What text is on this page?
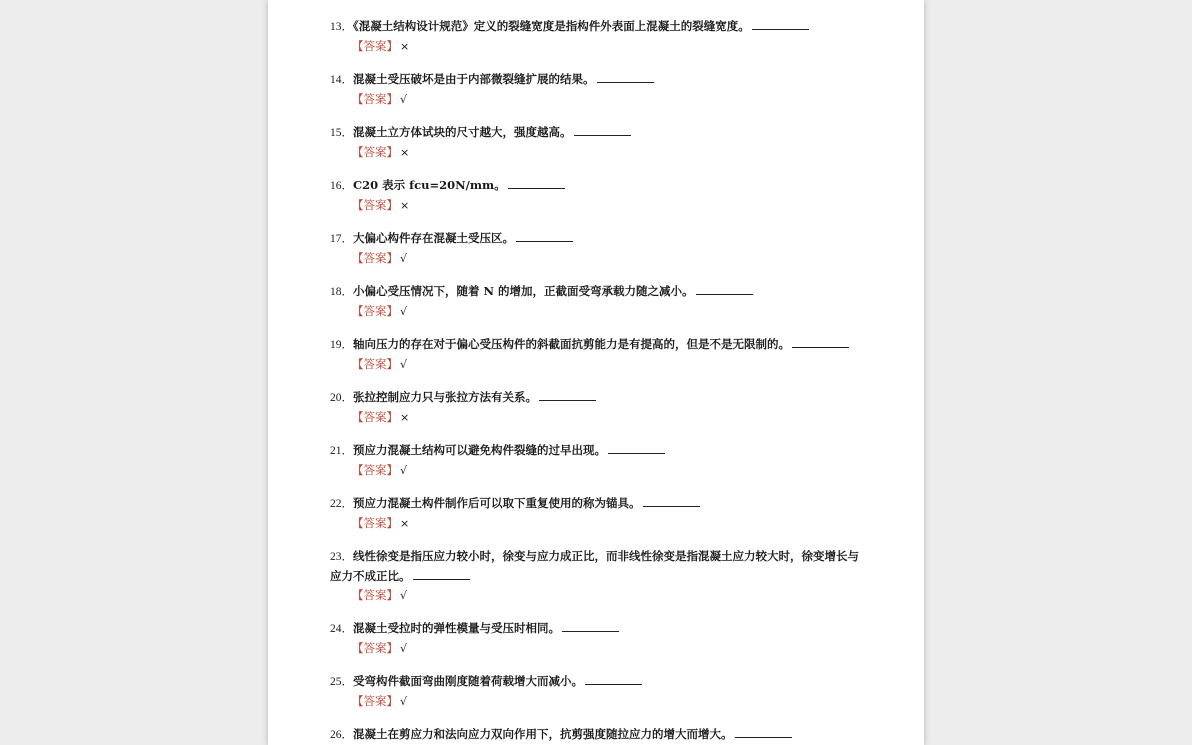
13．《混凝土结构设计规范》定义的裂缝宽度是指构件外表面上混凝土的裂缝宽度。
【答案】 ×
14．混凝土受压破坏是由于内部微裂缝扩展的结果。
【答案】 √
15．混凝土立方体试块的尺寸越大，强度越高。
【答案】 ×
16．C20 表示 fcu=20N/mm。
【答案】 ×
17．大偏心构件存在混凝土受压区。
【答案】 √
18．小偏心受压情况下，随着 N 的增加，正截面受弯承载力随之减小。
【答案】 √
19．轴向压力的存在对于偏心受压构件的斜截面抗剪能力是有提高的，但是不是无限制的。
【答案】 √
20．张拉控制应力只与张拉方法有关系。
【答案】 ×
21．预应力混凝土结构可以避免构件裂缝的过早出现。
【答案】 √
22．预应力混凝土构件制作后可以取下重复使用的称为锚具。
【答案】 ×
23．线性徐变是指压应力较小时，徐变与应力成正比，而非线性徐变是指混凝土应力较大时，徐变增长与
应力不成正比。
【答案】 √
24．混凝土受拉时的弹性模量与受压时相同。
【答案】 √
25．受弯构件截面弯曲刚度随着荷载增大而减小。
【答案】 √
26．混凝土在剪应力和法向应力双向作用下，抗剪强度随拉应力的增大而增大。
